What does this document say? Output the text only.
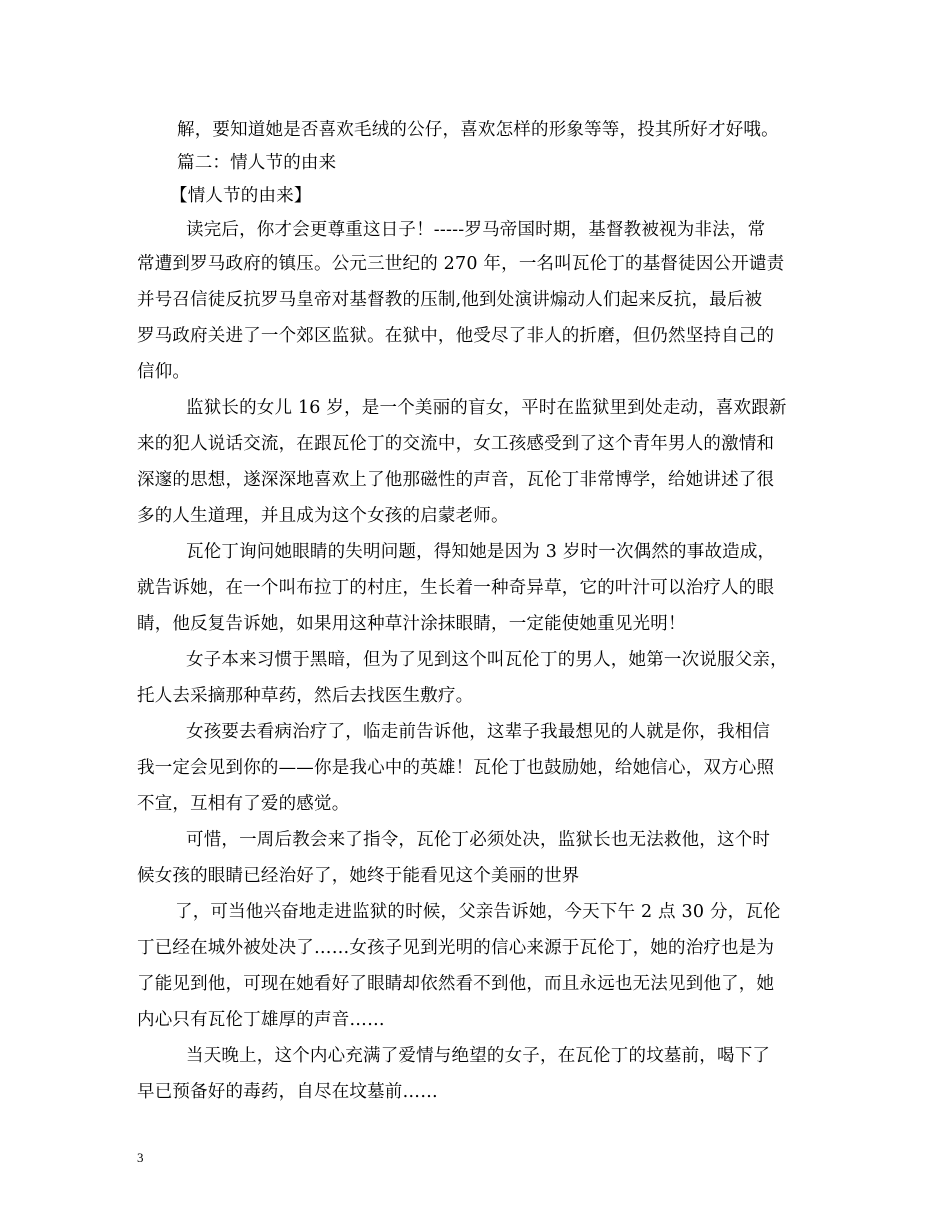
解，要知道她是否喜欢毛绒的公仔，喜欢怎样的形象等等，投其所好才好哦。
篇二：情人节的由来
【情人节的由来】
读完后，你才会更尊重这日子！-----罗马帝国时期，基督教被视为非法，常
常遭到罗马政府的镇压。公元三世纪的 270 年，一名叫瓦伦丁的基督徒因公开谴责
并号召信徒反抗罗马皇帝对基督教的压制,他到处演讲煽动人们起来反抗，最后被
罗马政府关进了一个郊区监狱。在狱中，他受尽了非人的折磨，但仍然坚持自己的
信仰。
监狱长的女儿 16 岁，是一个美丽的盲女，平时在监狱里到处走动，喜欢跟新
来的犯人说话交流，在跟瓦伦丁的交流中，女工孩感受到了这个青年男人的激情和
深邃的思想，遂深深地喜欢上了他那磁性的声音，瓦伦丁非常博学，给她讲述了很
多的人生道理，并且成为这个女孩的启蒙老师。
瓦伦丁询问她眼睛的失明问题，得知她是因为 3 岁时一次偶然的事故造成，
就告诉她，在一个叫布拉丁的村庄，生长着一种奇异草，它的叶汁可以治疗人的眼
睛，他反复告诉她，如果用这种草汁涂抹眼睛，一定能使她重见光明！
女子本来习惯于黑暗，但为了见到这个叫瓦伦丁的男人，她第一次说服父亲，
托人去采摘那种草药，然后去找医生敷疗。
女孩要去看病治疗了，临走前告诉他，这辈子我最想见的人就是你，我相信
我一定会见到你的——你是我心中的英雄！瓦伦丁也鼓励她，给她信心，双方心照
不宣，互相有了爱的感觉。
可惜，一周后教会来了指令，瓦伦丁必须处决，监狱长也无法救他，这个时
候女孩的眼睛已经治好了，她终于能看见这个美丽的世界
了，可当他兴奋地走进监狱的时候，父亲告诉她，今天下午 2 点 30 分，瓦伦
丁已经在城外被处决了……女孩子见到光明的信心来源于瓦伦丁，她的治疗也是为
了能见到他，可现在她看好了眼睛却依然看不到他，而且永远也无法见到他了，她
内心只有瓦伦丁雄厚的声音……
当天晚上，这个内心充满了爱情与绝望的女子，在瓦伦丁的坟墓前，喝下了
早已预备好的毒药，自尽在坟墓前……
3
